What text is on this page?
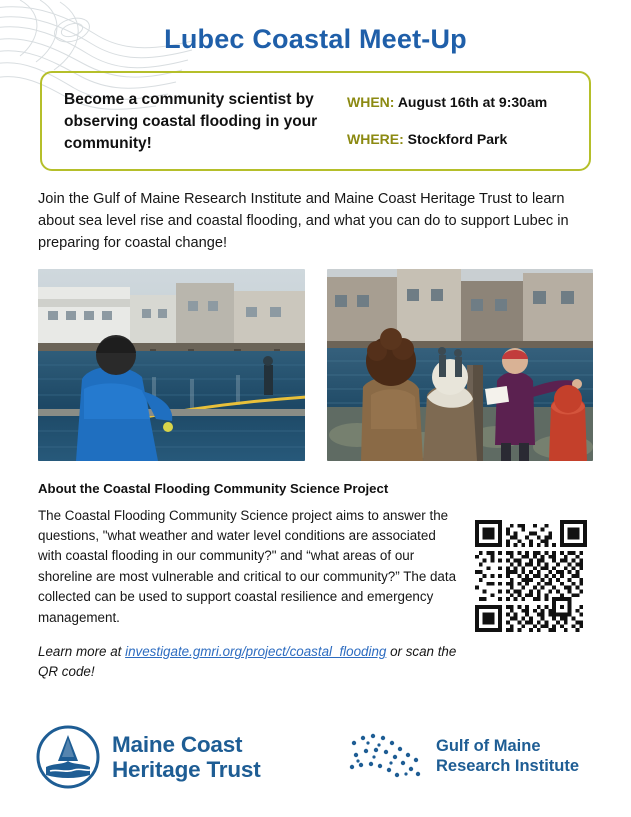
Lubec Coastal Meet-Up
Become a community scientist by observing coastal flooding in your community!
WHEN: August 16th at 9:30am
WHERE: Stockford Park
Join the Gulf of Maine Research Institute and Maine Coast Heritage Trust to learn about sea level rise and coastal flooding, and what you can do to support Lubec in preparing for coastal change!
About the Coastal Flooding Community Science Project

The Coastal Flooding Community Science project aims to answer the questions, "what weather and water level conditions are associated with coastal flooding in our community?" and “what areas of our shoreline are most vulnerable and critical to our community?” The data collected can be used to support coastal resilience and emergency management.

Learn more at investigate.gmri.org/project/coastal_flooding or scan the QR code!

Maine Coast
Heritage Trust
Gulf of Maine
Research Institute
